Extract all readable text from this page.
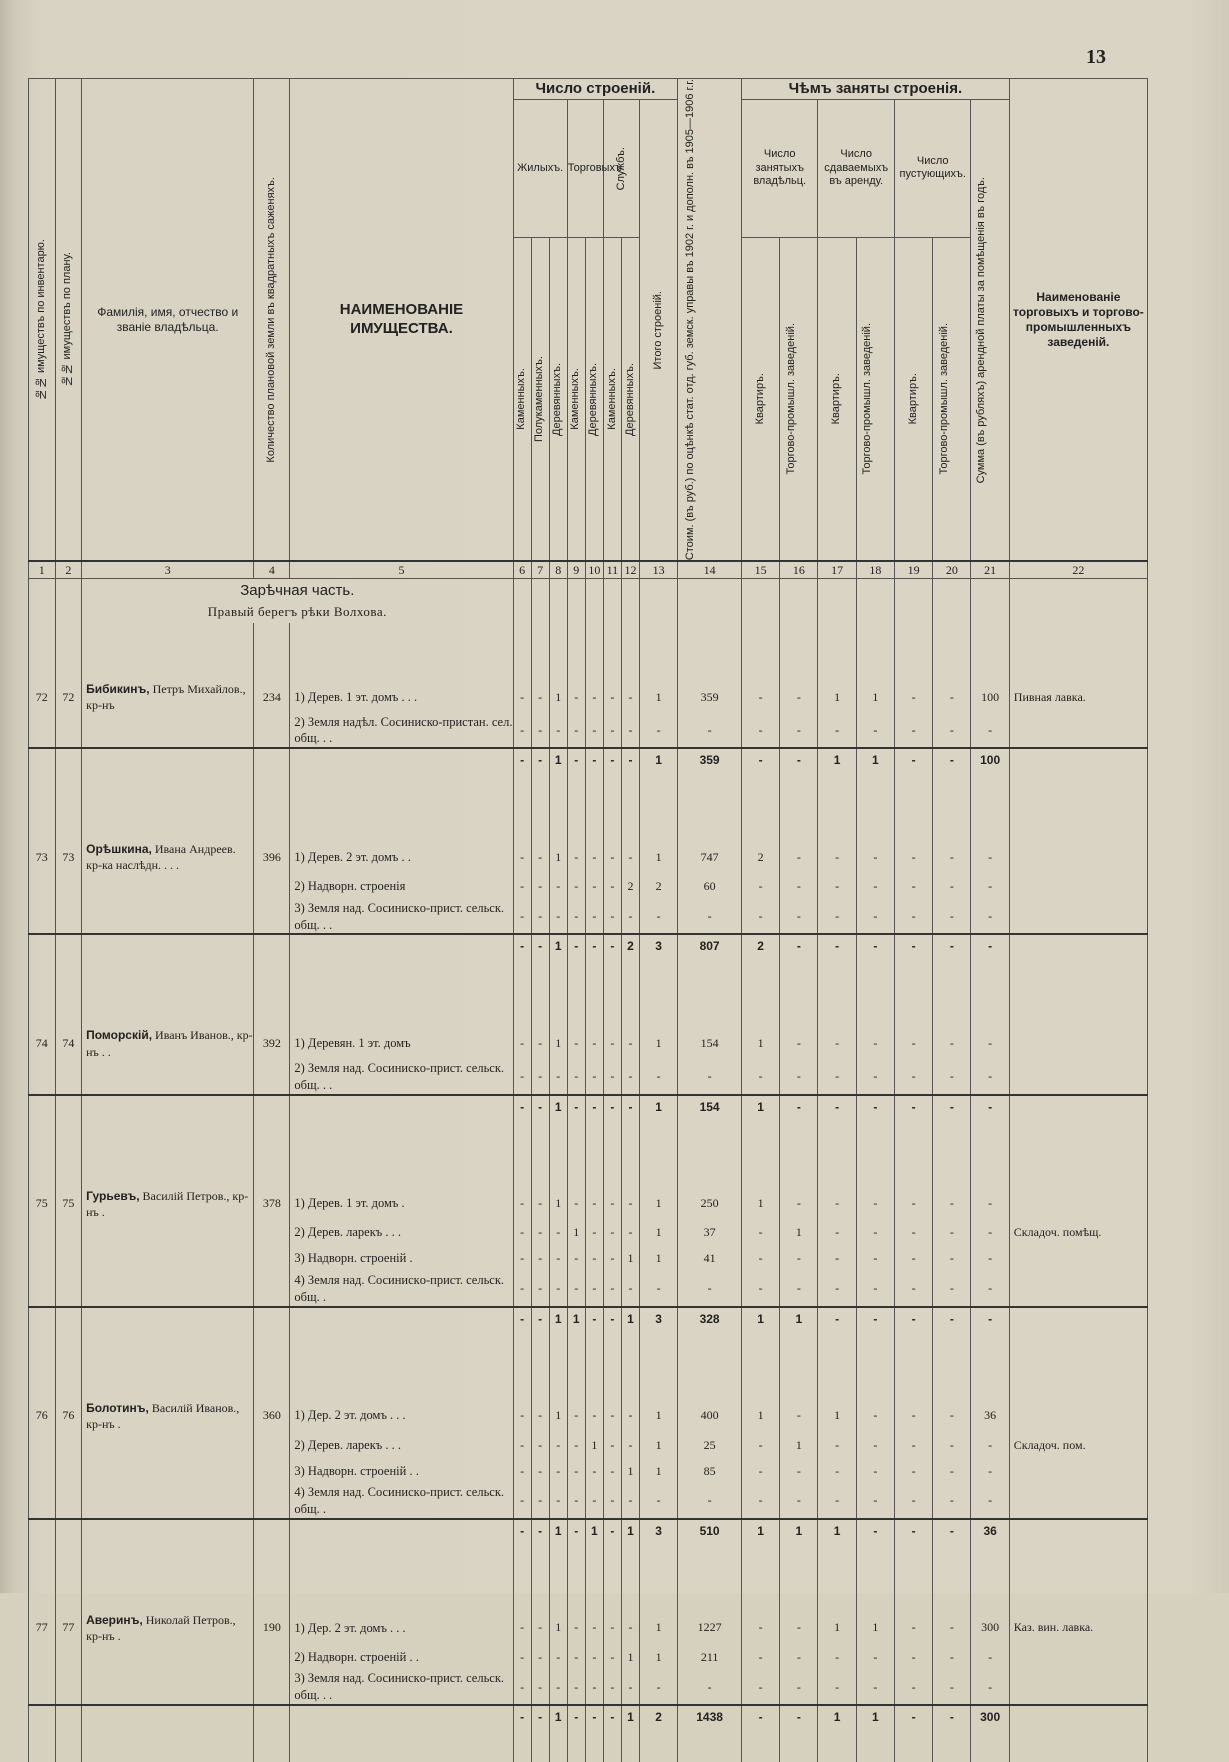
13
№№ имуществъ по инвентарю.	№№ имуществъ по плану.	Фамилія, имя, отчество и званіе владѣльца.	Количество плановой земли въ квадратныхъ саженяхъ.	НАИМЕНОВАНІЕ ИМУЩЕСТВА.	Число строеній.								Стоим. (въ руб.) по оцѣнкѣ стат. отд. губ. земск. управы въ 1902 г. и дополн. въ 1905—1906 г.г.	Чѣмъ заняты строенія.							Наименованіе торговыхъ и торгово-промышленныхъ заведеній.
					Жилыхъ.			Торговыхъ		Службъ.		Итого строеній.		Число занятыхъ владѣльц.		Число сдаваемыхъ въ аренду.		Число пустующихъ.		Сумма (въ рубляхъ) арендной платы за помѣщенія въ годъ.	

					Каменныхъ.	Полукаменныхъ.	Деревянныхъ.	Каменныхъ.	Деревянныхъ.	Каменныхъ.	Деревянныхъ.			Квартиръ.	Торгово-промышл. заведеній.	Квартиръ.	Торгово-промышл. заведеній.	Квартиръ.	Торгово-промышл. заведеній.		

1	2	3	4	5	6	7	8	9	10	11	12	13	14	15	16	17	18	19	20	21	22
		Зарѣчная часть.																			
		Правый берегъ рѣки Волхова.																			

72	72	Бибикинъ, Петръ Михайлов., кр-нъ	234	1) Дерев. 1 эт. домъ . . .	-	-	1	-	-	-	-	1	359	-	-	1	1	-	-	100	Пивная лавка.
				2) Земля надѣл. Сосиниско-пристан. сел. общ. . .	-	-	-	-	-	-	-	-	-	-	-	-	-	-	-	-	
					-	-	1	-	-	-	-	1	359	-	-	1	1	-	-	100	

73	73	Орѣшкина, Ивана Андреев. кр-ка наслѣдн. . . .	396	1) Дерев. 2 эт. домъ . .	-	-	1	-	-	-	-	1	747	2	-	-	-	-	-	-	
				2) Надворн. строенія	-	-	-	-	-	-	2	2	60	-	-	-	-	-	-	-	
				3) Земля над. Сосинискo-прист. сельск. общ. . .	-	-	-	-	-	-	-	-	-	-	-	-	-	-	-	-	
					-	-	1	-	-	-	2	3	807	2	-	-	-	-	-	-	

74	74	Поморскій, Иванъ Иванов., кр-нъ . .	392	1) Деревян. 1 эт. домъ	-	-	1	-	-	-	-	1	154	1	-	-	-	-	-	-	
				2) Земля над. Сосинискo-прист. сельск. общ. . .	-	-	-	-	-	-	-	-	-	-	-	-	-	-	-	-	
					-	-	1	-	-	-	-	1	154	1	-	-	-	-	-	-	

75	75	Гурьевъ, Василій Петров., кр-нъ .	378	1) Дерев. 1 эт. домъ .	-	-	1	-	-	-	-	1	250	1	-	-	-	-	-	-	
				2) Дерев. ларекъ . . .	-	-	-	1	-	-	-	1	37	-	1	-	-	-	-	-	Складоч. помѣщ.
				3) Надворн. строеній .	-	-	-	-	-	-	1	1	41	-	-	-	-	-	-	-	
				4) Земля над. Сосинискo-прист. сельск. общ. .	-	-	-	-	-	-	-	-	-	-	-	-	-	-	-	-	
					-	-	1	1	-	-	1	3	328	1	1	-	-	-	-	-	

76	76	Болотинъ, Василій Иванов., кр-нъ .	360	1) Дер. 2 эт. домъ . . .	-	-	1	-	-	-	-	1	400	1	-	1	-	-	-	36	
				2) Дерев. ларекъ . . .	-	-	-	-	1	-	-	1	25	-	1	-	-	-	-	-	Складоч. пом.
				3) Надворн. строеній . .	-	-	-	-	-	-	1	1	85	-	-	-	-	-	-	-	
				4) Земля над. Сосинискo-прист. сельск. общ. .	-	-	-	-	-	-	-	-	-	-	-	-	-	-	-	-	
					-	-	1	-	1	-	1	3	510	1	1	1	-	-	-	36	

77	77	Аверинъ, Николай Петров., кр-нъ .	190	1) Дер. 2 эт. домъ . . .	-	-	1	-	-	-	-	1	1227	-	-	1	1	-	-	300	Каз. вин. лавка.
				2) Надворн. строеній . .	-	-	-	-	-	-	1	1	211	-	-	-	-	-	-	-	
				3) Земля над. Сосинискo-прист. сельск. общ. . .	-	-	-	-	-	-	-	-	-	-	-	-	-	-	-	-	
					-	-	1	-	-	-	1	2	1438	-	-	1	1	-	-	300	
